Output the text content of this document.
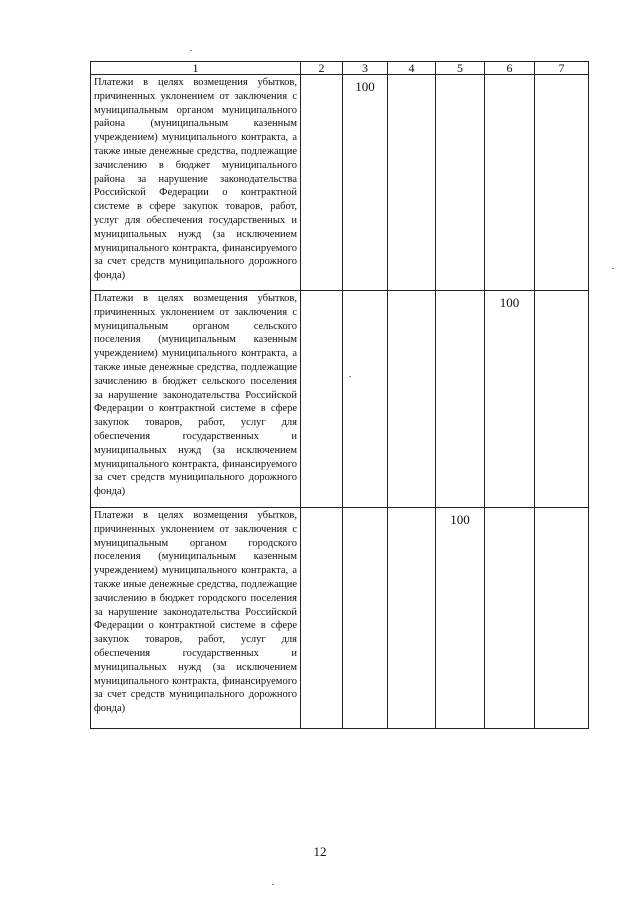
1	2	3	4	5	6	7
Платежи в целях возмещения убытков, причиненных уклонением от заключения с муниципальным органом муниципального района (муниципальным казенным учреждением) муниципального контракта, а также иные денежные средства, подлежащие зачислению в бюджет муниципального района за нарушение законодательства Российской Федерации о контрактной системе в сфере закупок товаров, работ, услуг для обеспечения государственных и муниципальных нужд (за исключением муниципального контракта, финансируемого за счет средств муниципального дорожного фонда)		100				
Платежи в целях возмещения убытков, причиненных уклонением от заключения с муниципальным органом сельского поселения (муниципальным казенным учреждением) муниципального контракта, а также иные денежные средства, подлежащие зачислению в бюджет сельского поселения за нарушение законодательства Российской Федерации о контрактной системе в сфере закупок товаров, работ, услуг для обеспечения государственных и муниципальных нужд (за исключением муниципального контракта, финансируемого за счет средств муниципального дорожного фонда)					100	
Платежи в целях возмещения убытков, причиненных уклонением от заключения с муниципальным органом городского поселения (муниципальным казенным учреждением) муниципального контракта, а также иные денежные средства, подлежащие зачислению в бюджет городского поселения за нарушение законодательства Российской Федерации о контрактной системе в сфере закупок товаров, работ, услуг для обеспечения государственных и муниципальных нужд (за исключением муниципального контракта, финансируемого за счет средств муниципального дорожного фонда)				100		
12
